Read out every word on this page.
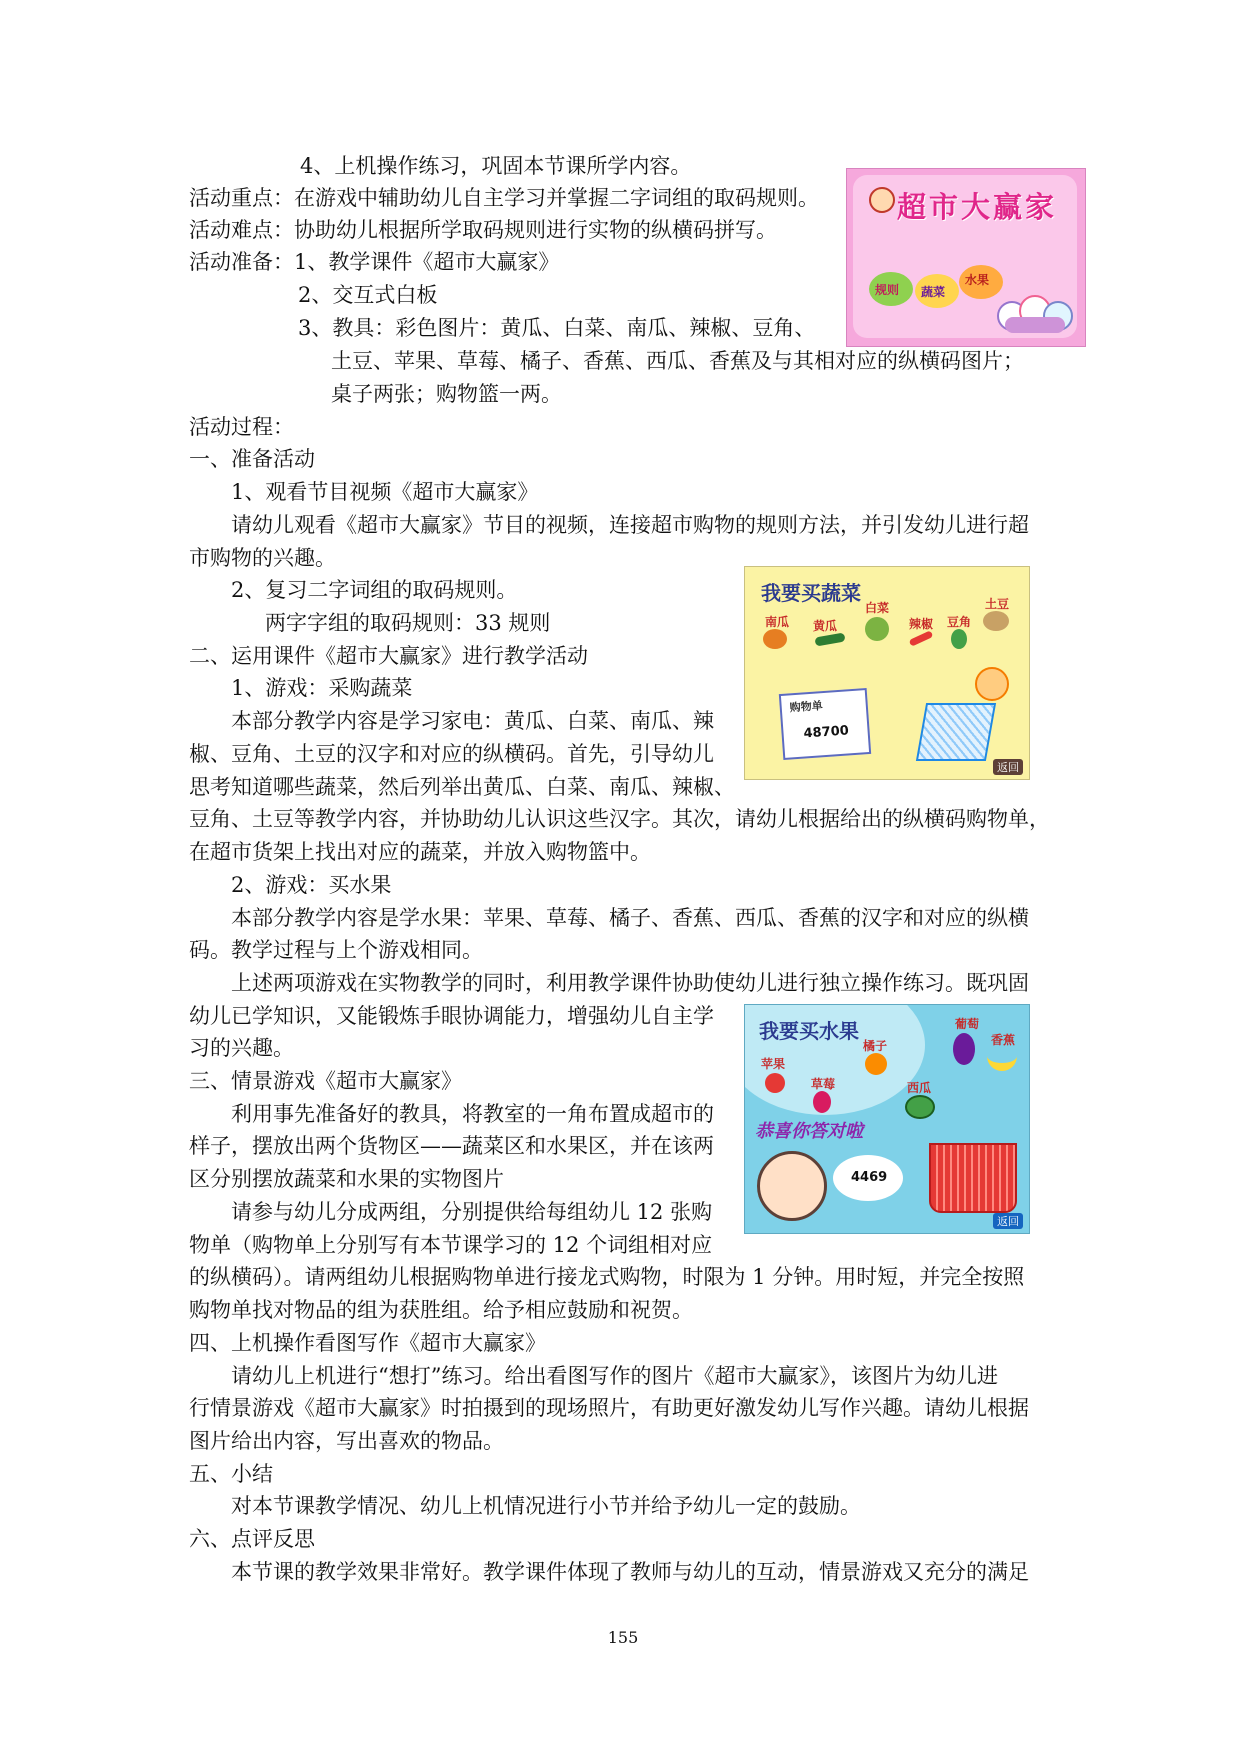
4、上机操作练习，巩固本节课所学内容。
活动重点：在游戏中辅助幼儿自主学习并掌握二字词组的取码规则。
活动难点：协助幼儿根据所学取码规则进行实物的纵横码拼写。
活动准备：1、教学课件《超市大赢家》
2、交互式白板
3、教具：彩色图片：黄瓜、白菜、南瓜、辣椒、豆角、
土豆、苹果、草莓、橘子、香蕉、西瓜、香蕉及与其相对应的纵横码图片；
桌子两张；购物篮一两。
活动过程：
一、准备活动
1、观看节目视频《超市大赢家》
请幼儿观看《超市大赢家》节目的视频，连接超市购物的规则方法，并引发幼儿进行超
市购物的兴趣。
2、复习二字词组的取码规则。
两字字组的取码规则：33 规则
二、运用课件《超市大赢家》进行教学活动
1、游戏：采购蔬菜
本部分教学内容是学习家电：黄瓜、白菜、南瓜、辣
椒、豆角、土豆的汉字和对应的纵横码。首先，引导幼儿
思考知道哪些蔬菜，然后列举出黄瓜、白菜、南瓜、辣椒、
豆角、土豆等教学内容，并协助幼儿认识这些汉字。其次，请幼儿根据给出的纵横码购物单，
在超市货架上找出对应的蔬菜，并放入购物篮中。
2、游戏：买水果
本部分教学内容是学水果：苹果、草莓、橘子、香蕉、西瓜、香蕉的汉字和对应的纵横
码。教学过程与上个游戏相同。
上述两项游戏在实物教学的同时，利用教学课件协助使幼儿进行独立操作练习。既巩固
幼儿已学知识，又能锻炼手眼协调能力，增强幼儿自主学
习的兴趣。
三、情景游戏《超市大赢家》
利用事先准备好的教具，将教室的一角布置成超市的
样子，摆放出两个货物区——蔬菜区和水果区，并在该两
区分别摆放蔬菜和水果的实物图片
请参与幼儿分成两组，分别提供给每组幼儿 12 张购
物单（购物单上分别写有本节课学习的 12 个词组相对应
的纵横码）。请两组幼儿根据购物单进行接龙式购物，时限为 1 分钟。用时短，并完全按照
购物单找对物品的组为获胜组。给予相应鼓励和祝贺。
四、上机操作看图写作《超市大赢家》
请幼儿上机进行“想打”练习。给出看图写作的图片《超市大赢家》，该图片为幼儿进
行情景游戏《超市大赢家》时拍摄到的现场照片，有助更好激发幼儿写作兴趣。请幼儿根据
图片给出内容，写出喜欢的物品。
五、小结
对本节课教学情况、幼儿上机情况进行小节并给予幼儿一定的鼓励。
六、点评反思
本节课的教学效果非常好。教学课件体现了教师与幼儿的互动，情景游戏又充分的满足
超市大赢家
规则 蔬菜
水果
我要买蔬菜
南瓜 黄瓜
白菜
辣椒 豆角
土豆
购物单
48700
返回
我要买水果
苹果
橘子
葡萄
香蕉
草莓	西瓜
恭喜你答对啦
4469
返回
155
